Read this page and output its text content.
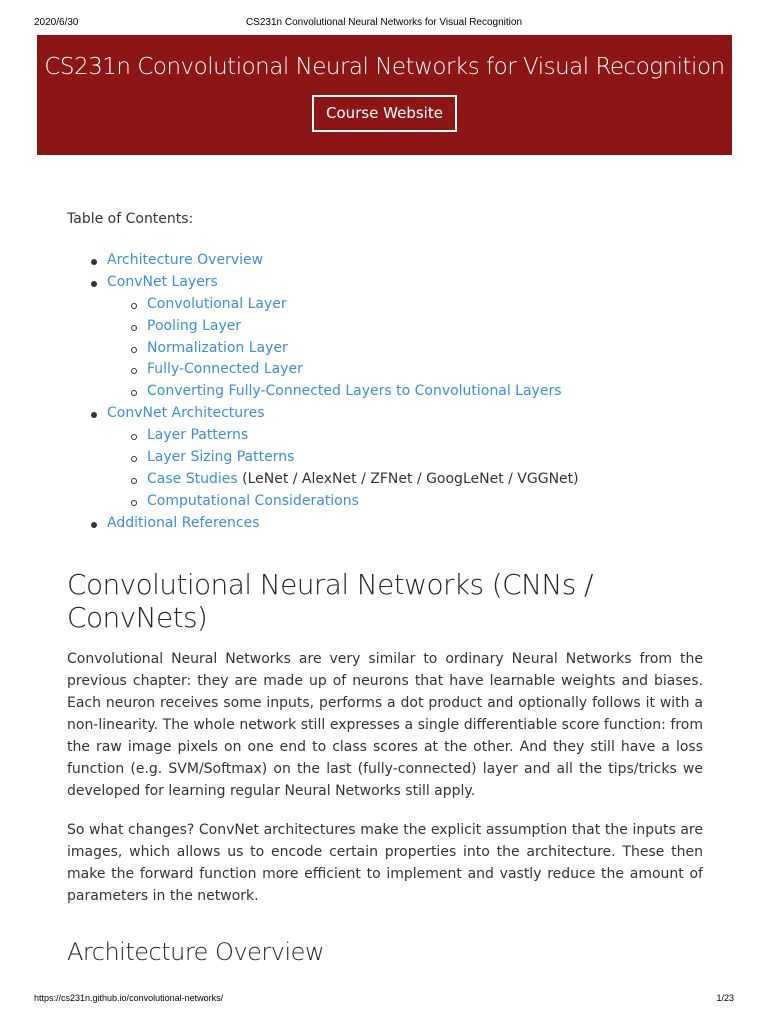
2020/6/30	CS231n Convolutional Neural Networks for Visual Recognition
CS231n Convolutional Neural Networks for Visual Recognition
Course Website
Table of Contents:
Architecture Overview
ConvNet Layers
Convolutional Layer
Pooling Layer
Normalization Layer
Fully-Connected Layer
Converting Fully-Connected Layers to Convolutional Layers
ConvNet Architectures
Layer Patterns
Layer Sizing Patterns
Case Studies (LeNet / AlexNet / ZFNet / GoogLeNet / VGGNet)
Computational Considerations
Additional References
Convolutional Neural Networks (CNNs / ConvNets)

Convolutional Neural Networks are very similar to ordinary Neural Networks from the previous chapter: they are made up of neurons that have learnable weights and biases. Each neuron receives some inputs, performs a dot product and optionally follows it with a non-linearity. The whole network still expresses a single differentiable score function: from the raw image pixels on one end to class scores at the other. And they still have a loss function (e.g. SVM/Softmax) on the last (fully-connected) layer and all the tips/tricks we developed for learning regular Neural Networks still apply.

So what changes? ConvNet architectures make the explicit assumption that the inputs are images, which allows us to encode certain properties into the architecture. These then make the forward function more efficient to implement and vastly reduce the amount of parameters in the network.

Architecture Overview
https://cs231n.github.io/convolutional-networks/	1/23
